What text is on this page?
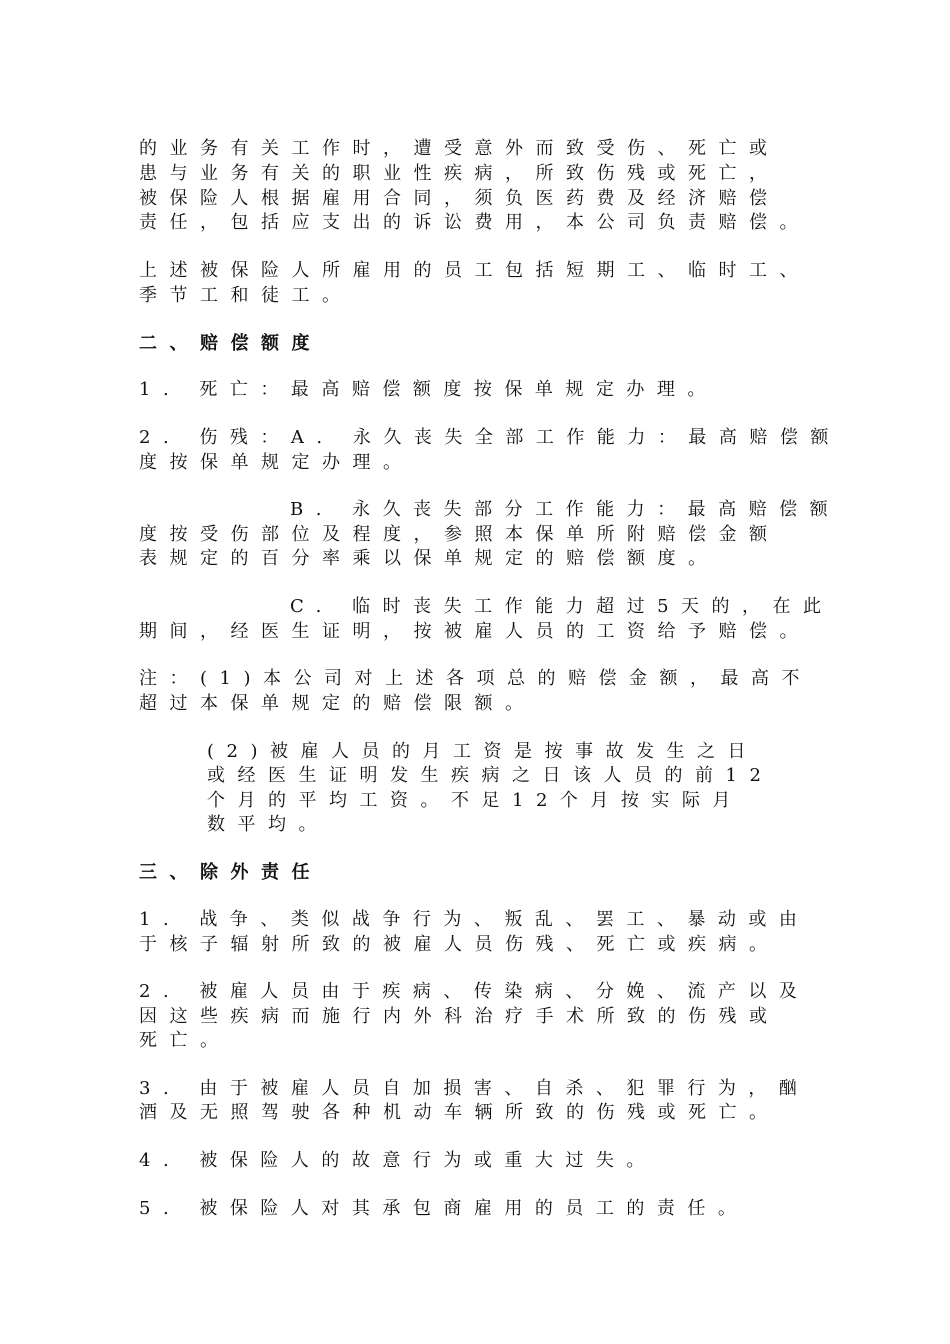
的业务有关工作时，遭受意外而致受伤、死亡或
患与业务有关的职业性疾病，所致伤残或死亡，
被保险人根据雇用合同，须负医药费及经济赔偿
责任，包括应支出的诉讼费用，本公司负责赔偿。
上述被保险人所雇用的员工包括短期工、临时工、
季节工和徒工。
二、赔偿额度
1. 死亡：最高赔偿额度按保单规定办理。
2. 伤残：A. 永久丧失全部工作能力：最高赔偿额
度按保单规定办理。
B. 永久丧失部分工作能力：最高赔偿额
度按受伤部位及程度，参照本保单所附赔偿金额
表规定的百分率乘以保单规定的赔偿额度。
C. 临时丧失工作能力超过5天的，在此
期间，经医生证明，按被雇人员的工资给予赔偿。
注：(1)本公司对上述各项总的赔偿金额，最高不
超过本保单规定的赔偿限额。
(2)被雇人员的月工资是按事故发生之日
或经医生证明发生疾病之日该人员的前12
个月的平均工资。不足12个月按实际月
数平均。
三、除外责任
1. 战争、类似战争行为、叛乱、罢工、暴动或由
于核子辐射所致的被雇人员伤残、死亡或疾病。
2. 被雇人员由于疾病、传染病、分娩、流产以及
因这些疾病而施行内外科治疗手术所致的伤残或
死亡。
3. 由于被雇人员自加损害、自杀、犯罪行为，酗
酒及无照驾驶各种机动车辆所致的伤残或死亡。
4. 被保险人的故意行为或重大过失。
5. 被保险人对其承包商雇用的员工的责任。
